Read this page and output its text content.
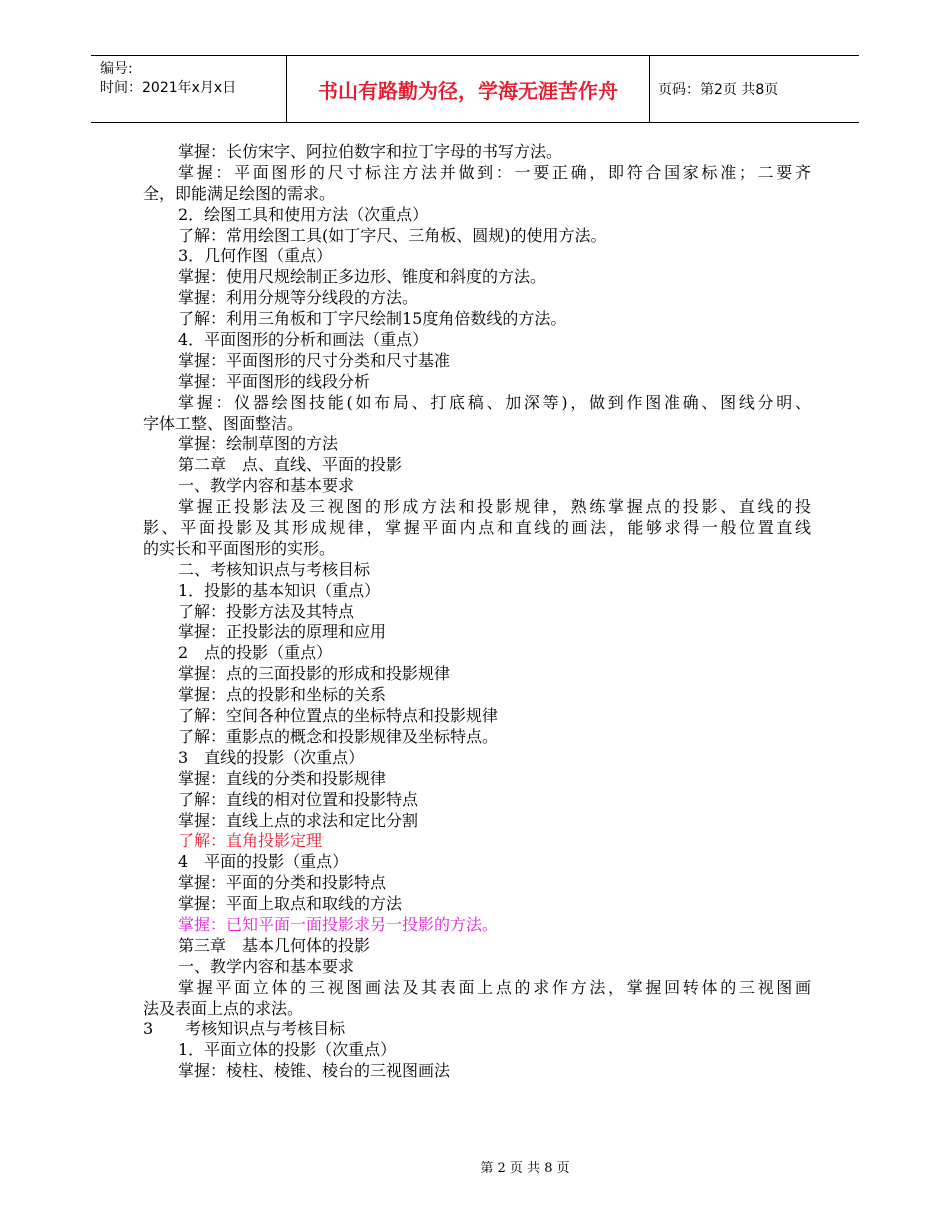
编号:
时间：2021年x月x日	书山有路勤为径，学海无涯苦作舟	页码：第2页 共8页
掌握：长仿宋字、阿拉伯数字和拉丁字母的书写方法。
掌握：平面图形的尺寸标注方法并做到：一要正确，即符合国家标准；二要齐
全，即能满足绘图的需求。
2．绘图工具和使用方法（次重点）
了解：常用绘图工具(如丁字尺、三角板、圆规)的使用方法。
3．几何作图（重点）
掌握：使用尺规绘制正多边形、锥度和斜度的方法。
掌握：利用分规等分线段的方法。
了解：利用三角板和丁字尺绘制15度角倍数线的方法。
4．平面图形的分析和画法（重点）
掌握：平面图形的尺寸分类和尺寸基准
掌握：平面图形的线段分析
掌握：仪器绘图技能(如布局、打底稿、加深等)，做到作图准确、图线分明、
字体工整、图面整洁。
掌握：绘制草图的方法
第二章　点、直线、平面的投影
一、教学内容和基本要求
掌握正投影法及三视图的形成方法和投影规律，熟练掌握点的投影、直线的投
影、平面投影及其形成规律，掌握平面内点和直线的画法，能够求得一般位置直线
的实长和平面图形的实形。
二、考核知识点与考核目标
1．投影的基本知识（重点）
了解：投影方法及其特点
掌握：正投影法的原理和应用
2　点的投影（重点）
掌握：点的三面投影的形成和投影规律
掌握：点的投影和坐标的关系
了解：空间各种位置点的坐标特点和投影规律
了解：重影点的概念和投影规律及坐标特点。
3　直线的投影（次重点）
掌握：直线的分类和投影规律
了解：直线的相对位置和投影特点
掌握：直线上点的求法和定比分割
了解：直角投影定理
4　平面的投影（重点）
掌握：平面的分类和投影特点
掌握：平面上取点和取线的方法
掌握：已知平面一面投影求另一投影的方法。
第三章　基本几何体的投影
一、教学内容和基本要求
掌握平面立体的三视图画法及其表面上点的求作方法，掌握回转体的三视图画
法及表面上点的求法。
3　　考核知识点与考核目标
1．平面立体的投影（次重点）
掌握：棱柱、棱锥、棱台的三视图画法
第 2 页 共 8 页
